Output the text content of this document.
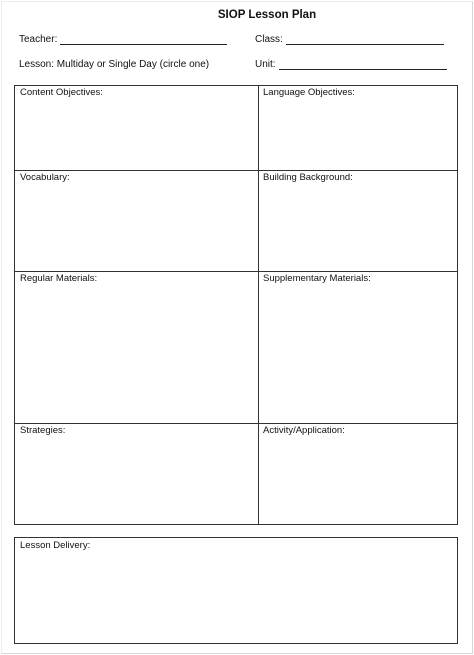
SIOP Lesson Plan
Teacher:	Class:
Lesson: Multiday or Single Day (circle one)	Unit:
Content Objectives:	Language Objectives:
Vocabulary:	Building Background:
Regular Materials:	Supplementary Materials:
Strategies:	Activity/Application:
Lesson Delivery:
